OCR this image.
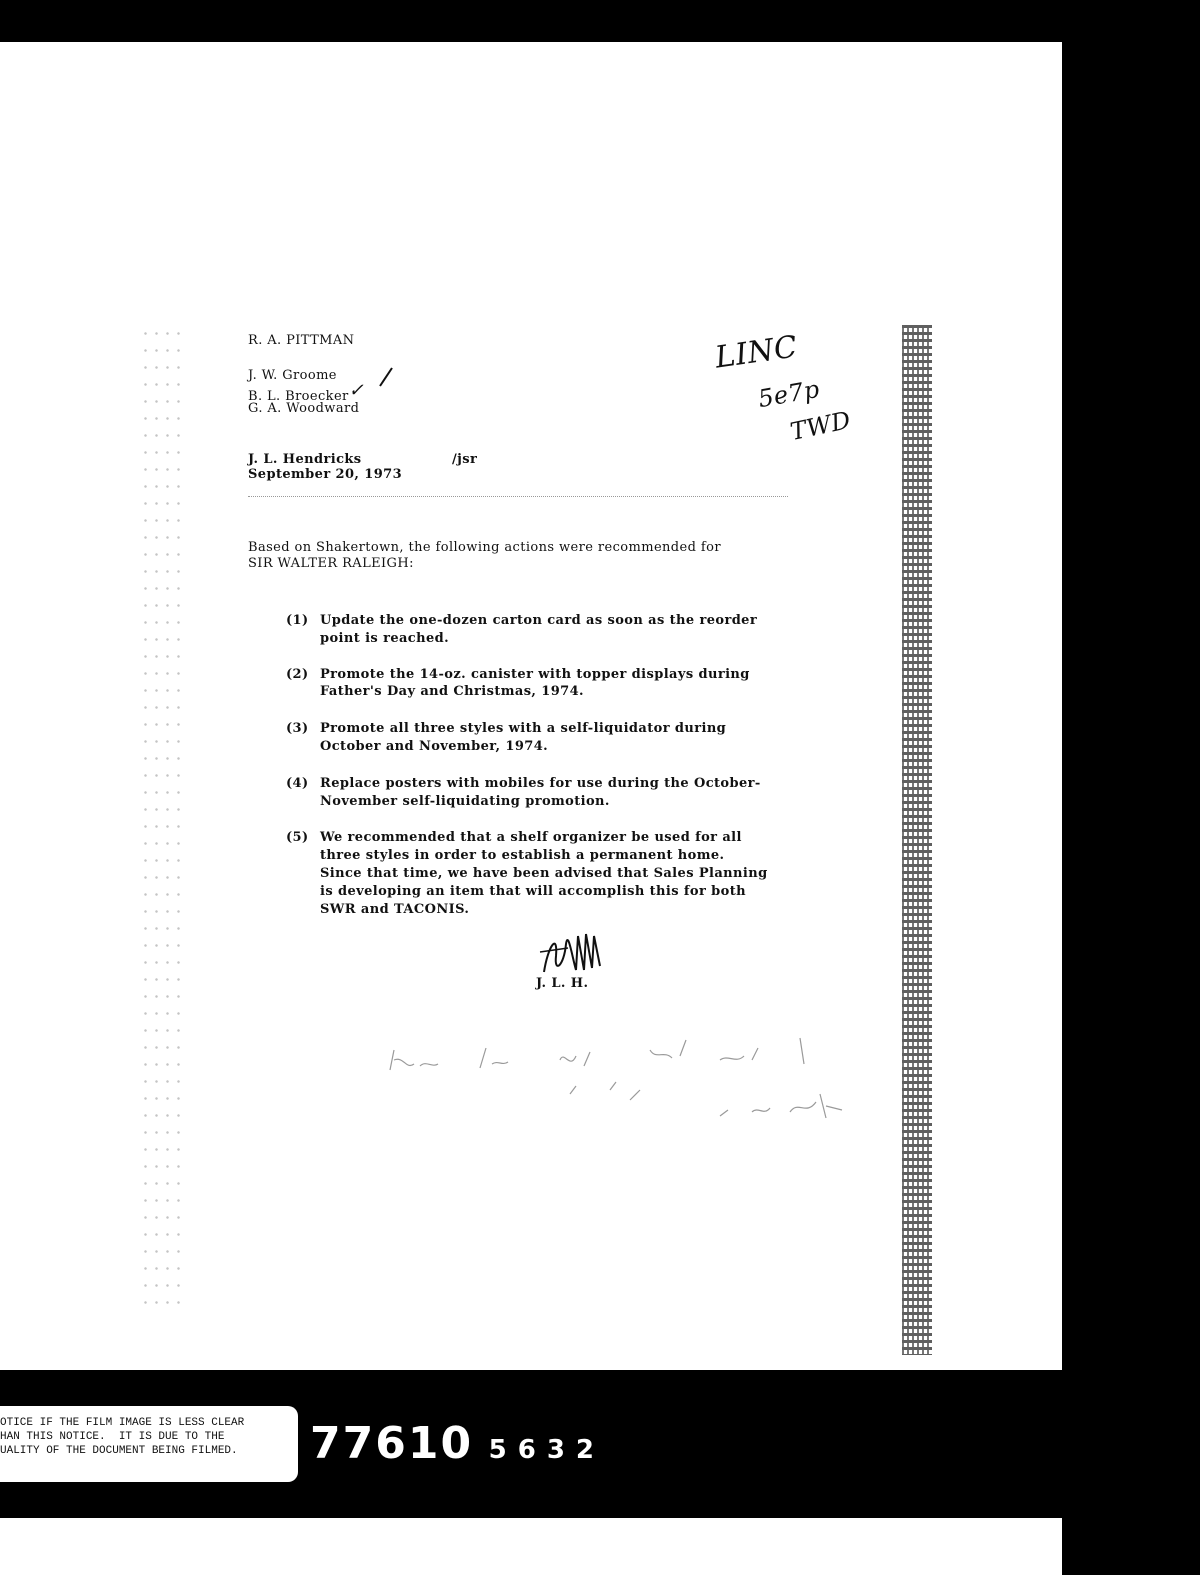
R. A. PITTMAN
J. W. Groome
B. L. Broecker✓
G. A. Woodward
J. L. Hendricks	/jsr
September 20, 1973
LINC
5e7p
TWD
Based on Shakertown, the following actions were recommended for
SIR WALTER RALEIGH:
(1) Update the one-dozen carton card as soon as the reorder
point is reached.
(2) Promote the 14-oz. canister with topper displays during
Father's Day and Christmas, 1974.
(3) Promote all three styles with a self-liquidator during
October and November, 1974.
(4) Replace posters with mobiles for use during the October-
November self-liquidating promotion.
(5) We recommended that a shelf organizer be used for all
three styles in order to establish a permanent home.
Since that time, we have been advised that Sales Planning
is developing an item that will accomplish this for both
SWR and TACONIS.
J. L. H.
OTICE IF THE FILM IMAGE IS LESS CLEAR
HAN THIS NOTICE.  IT IS DUE TO THE
UALITY OF THE DOCUMENT BEING FILMED.	77610 5632
